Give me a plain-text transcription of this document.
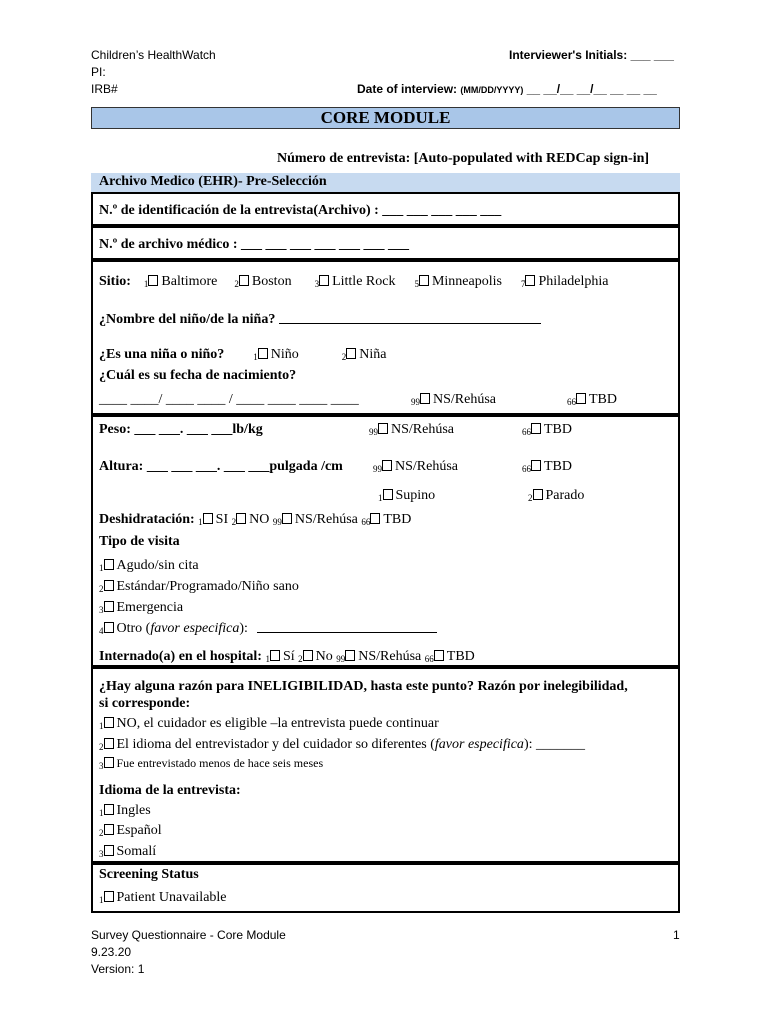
Children’s HealthWatch
PI:
IRB#
Interviewer's Initials: ___ ___
Date of interview: (MM/DD/YYYY) __ __/__ __/__ __ __ __
CORE MODULE
Número de entrevista: [Auto-populated with REDCap sign-in]
Archivo Medico (EHR)- Pre-Selección
N.º de identificación de la entrevista(Archivo) : ___ ___ ___ ___ ___
N.º de archivo médico : ___ ___ ___ ___ ___ ___ ___
Sitio: $_1$ Baltimore $_2$ Boston	$_3$ Little Rock $_5$ Minneapolis $_7$ Philadelphia
¿Nombre del niño/de la niña?
¿Es una niña o niño?	$_1$ Niño	$_2$ Niña
¿Cuál es su fecha de nacimiento?
____ ____/ ____ ____ / ____ ____ ____ ____	$_{99}$ NS/Rehúsa	$_{66}$ TBD
Peso: ___ ___. ___ ___lb/kg	$_{99}$ NS/Rehúsa	$_{66}$ TBD
Altura: ___ ___ ___. ___ ___pulgada /cm	$_{99}$ NS/Rehúsa	$_{66}$ TBD
$_1$ Supino	$_2$ Parado
Deshidratación: $_1$ SI $_2$ NO $_{99}$ NS/Rehúsa $_{66}$ TBD
Tipo de visita
$_1$ Agudo/sin cita
$_2$ Estándar/Programado/Niño sano
$_3$ Emergencia
$_4$ Otro (favor especifica):
Internado(a) en el hospital: $_1$ Sí $_2$ No $_{99}$ NS/Rehúsa $_{66}$ TBD
¿Hay alguna razón para INELIGIBILIDAD, hasta este punto? Razón por inelegibilidad,
si corresponde:
$_1$ NO, el cuidador es eligible –la entrevista puede continuar
$_2$ El idioma del entrevistador y del cuidador so diferentes (favor especifica): _______
$_3$ Fue entrevistado menos de hace seis meses
Idioma de la entrevista:
$_1$ Ingles
$_2$ Español
$_3$ Somalí
Screening Status
$_1$ Patient Unavailable
Survey Questionnaire - Core Module
9.23.20
Version: 1
1
